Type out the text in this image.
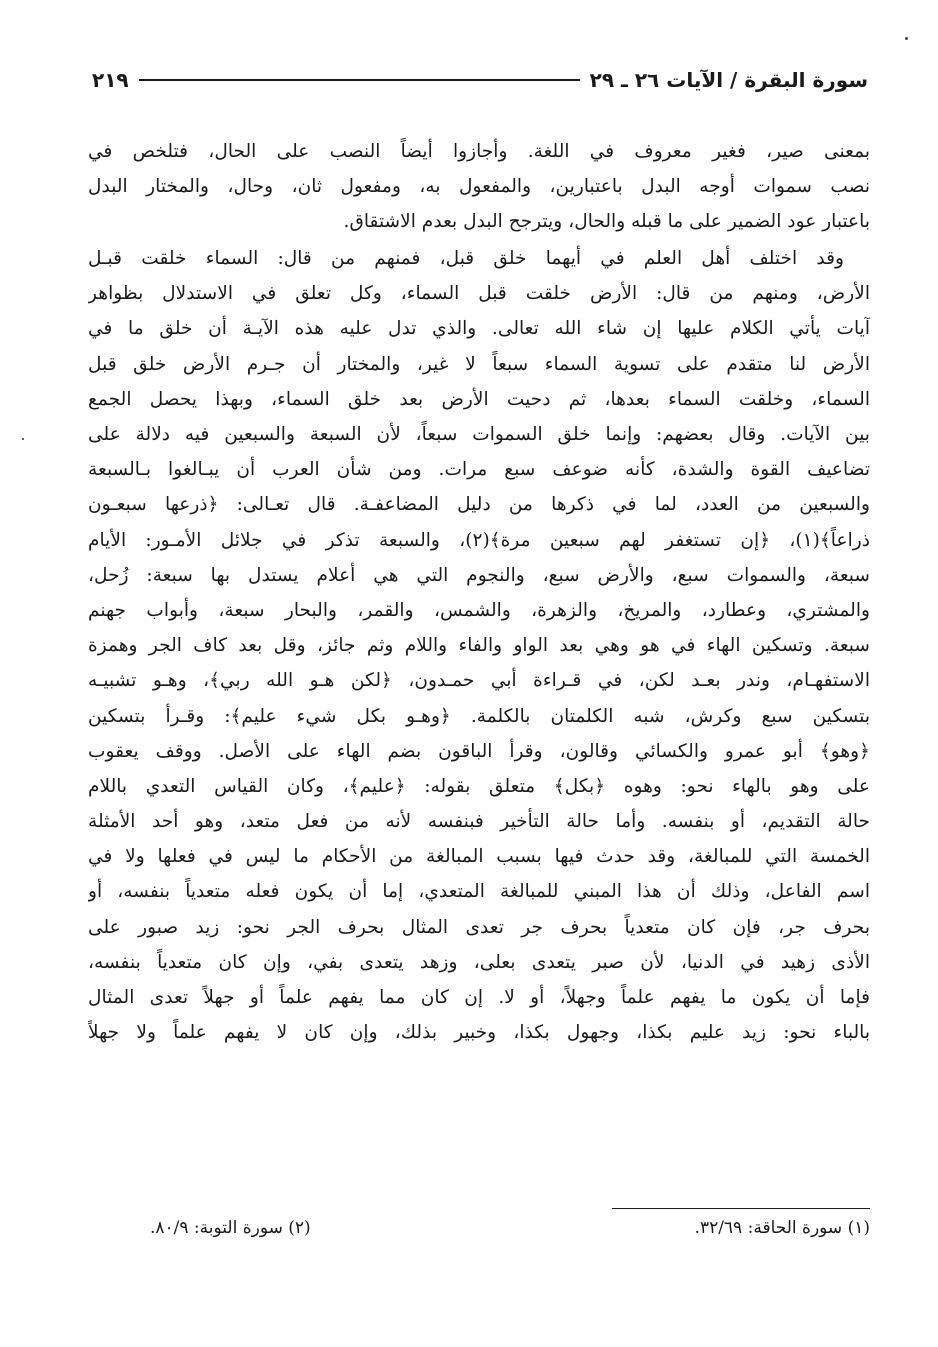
سورة البقرة / الآيات ٢٦ ـ ٢٩
٢١٩
بمعنى صير، فغير معروف في اللغة. وأجازوا أيضاً النصب على الحال، فتلخص في
نصب سموات أوجه البدل باعتبارين، والمفعول به، ومفعول ثان، وحال، والمختار البدل
باعتبار عود الضمير على ما قبله والحال، ويترجح البدل بعدم الاشتقاق.
وقد اختلف أهل العلم في أيهما خلق قبل، فمنهم من قال: السماء خلقت قبـل
الأرض، ومنهم من قال: الأرض خلقت قبل السماء، وكل تعلق في الاستدلال بظواهر
آيات يأتي الكلام عليها إن شاء الله تعالى. والذي تدل عليه هذه الآيـة أن خلق ما في
الأرض لنا متقدم على تسوية السماء سبعاً لا غير، والمختار أن جـرم الأرض خلق قبل
السماء، وخلقت السماء بعدها، ثم دحيت الأرض بعد خلق السماء، وبهذا يحصل الجمع
بين الآيات. وقال بعضهم: وإنما خلق السموات سبعاً، لأن السبعة والسبعين فيه دلالة على
تضاعيف القوة والشدة، كأنه ضوعف سبع مرات. ومن شأن العرب أن يبـالغوا بـالسبعة
والسبعين من العدد، لما في ذكرها من دليل المضاعفـة. قال تعـالى: ﴿ذرعها سبعـون
ذراعاً﴾(١)، ﴿إن تستغفر لهم سبعين مرة﴾(٢)، والسبعة تذكر في جلائل الأمـور: الأيام
سبعة، والسموات سبع، والأرض سبع، والنجوم التي هي أعلام يستدل بها سبعة: زُحل،
والمشتري، وعطارد، والمريخ، والزهرة، والشمس، والقمر، والبحار سبعة، وأبواب جهنم
سبعة. وتسكين الهاء في هو وهي بعد الواو والفاء واللام وثم جائز، وقل بعد كاف الجر وهمزة
الاستفهـام، وندر بعـد لكن، في قـراءة أبي حمـدون، ﴿لكن هـو الله ربي﴾، وهـو تشبيـه
بتسكين سبع وكرش، شبه الكلمتان بالكلمة. ﴿وهـو بكل شيء عليم﴾: وقـرأ بتسكين
﴿وهو﴾ أبو عمرو والكسائي وقالون، وقرأ الباقون بضم الهاء على الأصل. ووقف يعقوب
على وهو بالهاء نحو: وهوه ﴿بكل﴾ متعلق بقوله: ﴿عليم﴾، وكان القياس التعدي باللام
حالة التقديم، أو بنفسه. وأما حالة التأخير فبنفسه لأنه من فعل متعد، وهو أحد الأمثلة
الخمسة التي للمبالغة، وقد حدث فيها بسبب المبالغة من الأحكام ما ليس في فعلها ولا في
اسم الفاعل، وذلك أن هذا المبني للمبالغة المتعدي، إما أن يكون فعله متعدياً بنفسه، أو
بحرف جر، فإن كان متعدياً بحرف جر تعدى المثال بحرف الجر نحو: زيد صبور على
الأذى زهيد في الدنيا، لأن صبر يتعدى بعلى، وزهد يتعدى بفي، وإن كان متعدياً بنفسه،
فإما أن يكون ما يفهم علماً وجهلاً، أو لا. إن كان مما يفهم علماً أو جهلاً تعدى المثال
بالباء نحو: زيد عليم بكذا، وجهول بكذا، وخبير بذلك، وإن كان لا يفهم علماً ولا جهلاً
(١) سورة الحاقة: ٣٢/٦٩.
(٢) سورة التوبة: ٨٠/٩.
